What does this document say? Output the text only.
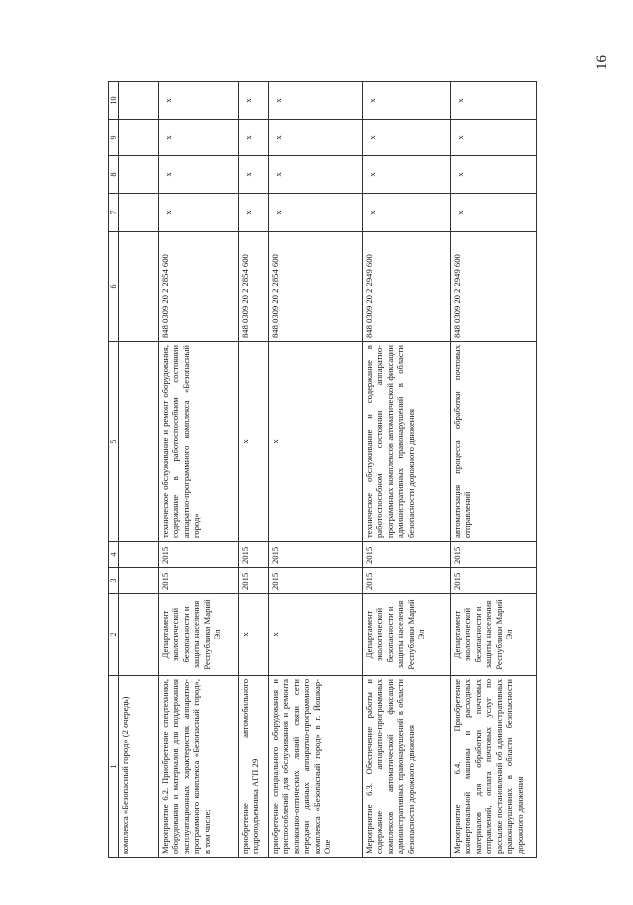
16
1	2	3	4	5	6	7	8	9	10
комплекса «Безопасный город» (2 очередь)									
Мероприятие 6.2. Приобретение спецтехники, оборудования и материалов для поддержания эксплуатационных характеристик аппаратно-программного комплекса «Безопасный город», в том числе:	Департамент экологической безопасности и защиты населения Республики Марий Эл	2015	2015	техническое обслуживание и ремонт оборудования, содержание в работоспособном состоянии аппаратно-программного комплекса «Безопасный город»	848 0309 20 2 2854 600	x	x	x	x
приобретение автомобильного гидроподъемника АГП 29	x	2015	2015	x	848 0309 20 2 2854 600	x	x	x	x
приобретение специального оборудования и приспособлений для обслуживания и ремонта волоконно-оптических линий связи сети передачи данных аппаратно-программного комплекса «Безопасный город» в г. Йошкар-Оле	x	2015	2015	x	848 0309 20 2 2854 600	x	x	x	x
Мероприятие 6.3. Обеспечение работы и содержание аппаратно-программных комплексов автоматической фиксации административных правонарушений в области безопасности дорожного движения	Департамент экологической безопасности и защиты населения Республики Марий Эл	2015	2015	техническое обслуживание и содержание в работоспособном состоянии аппаратно-программных комплексов автоматической фиксации административных правонарушений в области безопасности дорожного движения	848 0309 20 2 2949 600	x	x	x	x
Мероприятие 6.4. Приобретение конвертовальной машины и расходных материалов для обработки почтовых отправлений, оплата почтовых услуг по рассылке постановлений об административных правонарушениях в области безопасности дорожного движения	Департамент экологической безопасности и защиты населения Республики Марий Эл	2015	2015	автоматизация процесса обработки почтовых отправлений	848 0309 20 2 2949 600	x	x	x	x
